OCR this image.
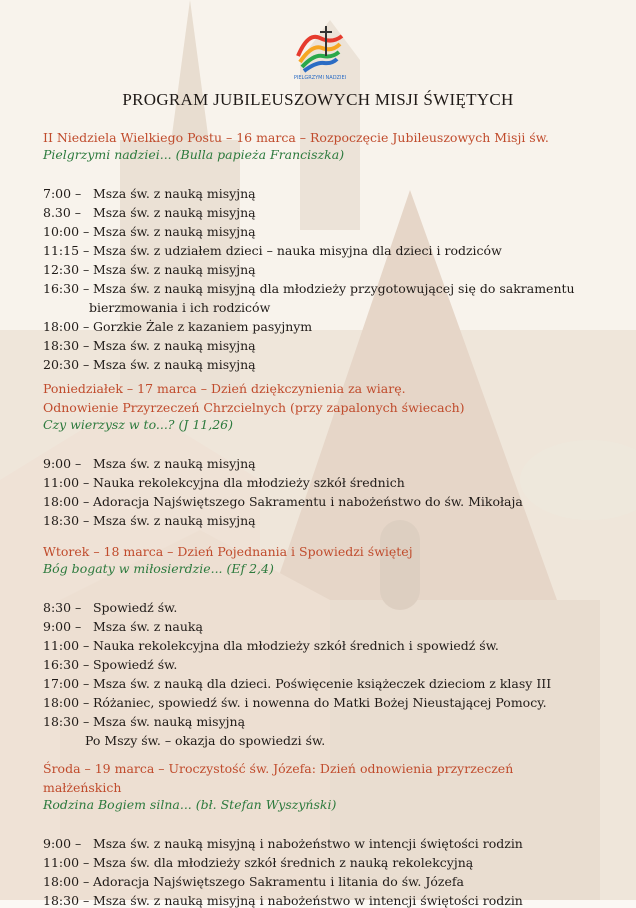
PIELGRZYMI NADZIEI
PROGRAM JUBILEUSZOWYCH MISJI ŚWIĘTYCH
II Niedziela Wielkiego Postu – 16 marca – Rozpoczęcie Jubileuszowych Misji św.
Pielgrzymi nadziei... (Bulla papieża Franciszka)
7:00 – Msza św. z nauką misyjną
8.30 – Msza św. z nauką misyjną
10:00 – Msza św. z nauką misyjną
11:15 – Msza św. z udziałem dzieci – nauka misyjna dla dzieci i rodziców
12:30 – Msza św. z nauką misyjną
16:30 – Msza św. z nauką misyjną dla młodzieży przygotowującej się do sakramentu
bierzmowania i ich rodziców
18:00 – Gorzkie Żale z kazaniem pasyjnym
18:30 – Msza św. z nauką misyjną
20:30 – Msza św. z nauką misyjną
Poniedziałek – 17 marca – Dzień dziękczynienia za wiarę.
Odnowienie Przyrzeczeń Chrzcielnych (przy zapalonych świecach)
Czy wierzysz w to...? (J 11,26)
9:00 – Msza św. z nauką misyjną
11:00 – Nauka rekolekcyjna dla młodzieży szkół średnich
18:00 – Adoracja Najświętszego Sakramentu i nabożeństwo do św. Mikołaja
18:30 – Msza św. z nauką misyjną
Wtorek – 18 marca – Dzień Pojednania i Spowiedzi świętej
Bóg bogaty w miłosierdzie... (Ef 2,4)
8:30 – Spowiedź św.
9:00 – Msza św. z nauką
11:00 – Nauka rekolekcyjna dla młodzieży szkół średnich i spowiedź św.
16:30 – Spowiedź św.
17:00 – Msza św. z nauką dla dzieci. Poświęcenie książeczek dzieciom z klasy III
18:00 – Różaniec, spowiedź św. i nowenna do Matki Bożej Nieustającej Pomocy.
18:30 – Msza św. nauką misyjną
Po Mszy św. – okazja do spowiedzi św.
Środa – 19 marca – Uroczystość św. Józefa: Dzień odnowienia przyrzeczeń
małżeńskich
Rodzina Bogiem silna... (bł. Stefan Wyszyński)
9:00 – Msza św. z nauką misyjną i nabożeństwo w intencji świętości rodzin
11:00 – Msza św. dla młodzieży szkół średnich z nauką rekolekcyjną
18:00 – Adoracja Najświętszego Sakramentu i litania do św. Józefa
18:30 – Msza św. z nauką misyjną i nabożeństwo w intencji świętości rodzin
